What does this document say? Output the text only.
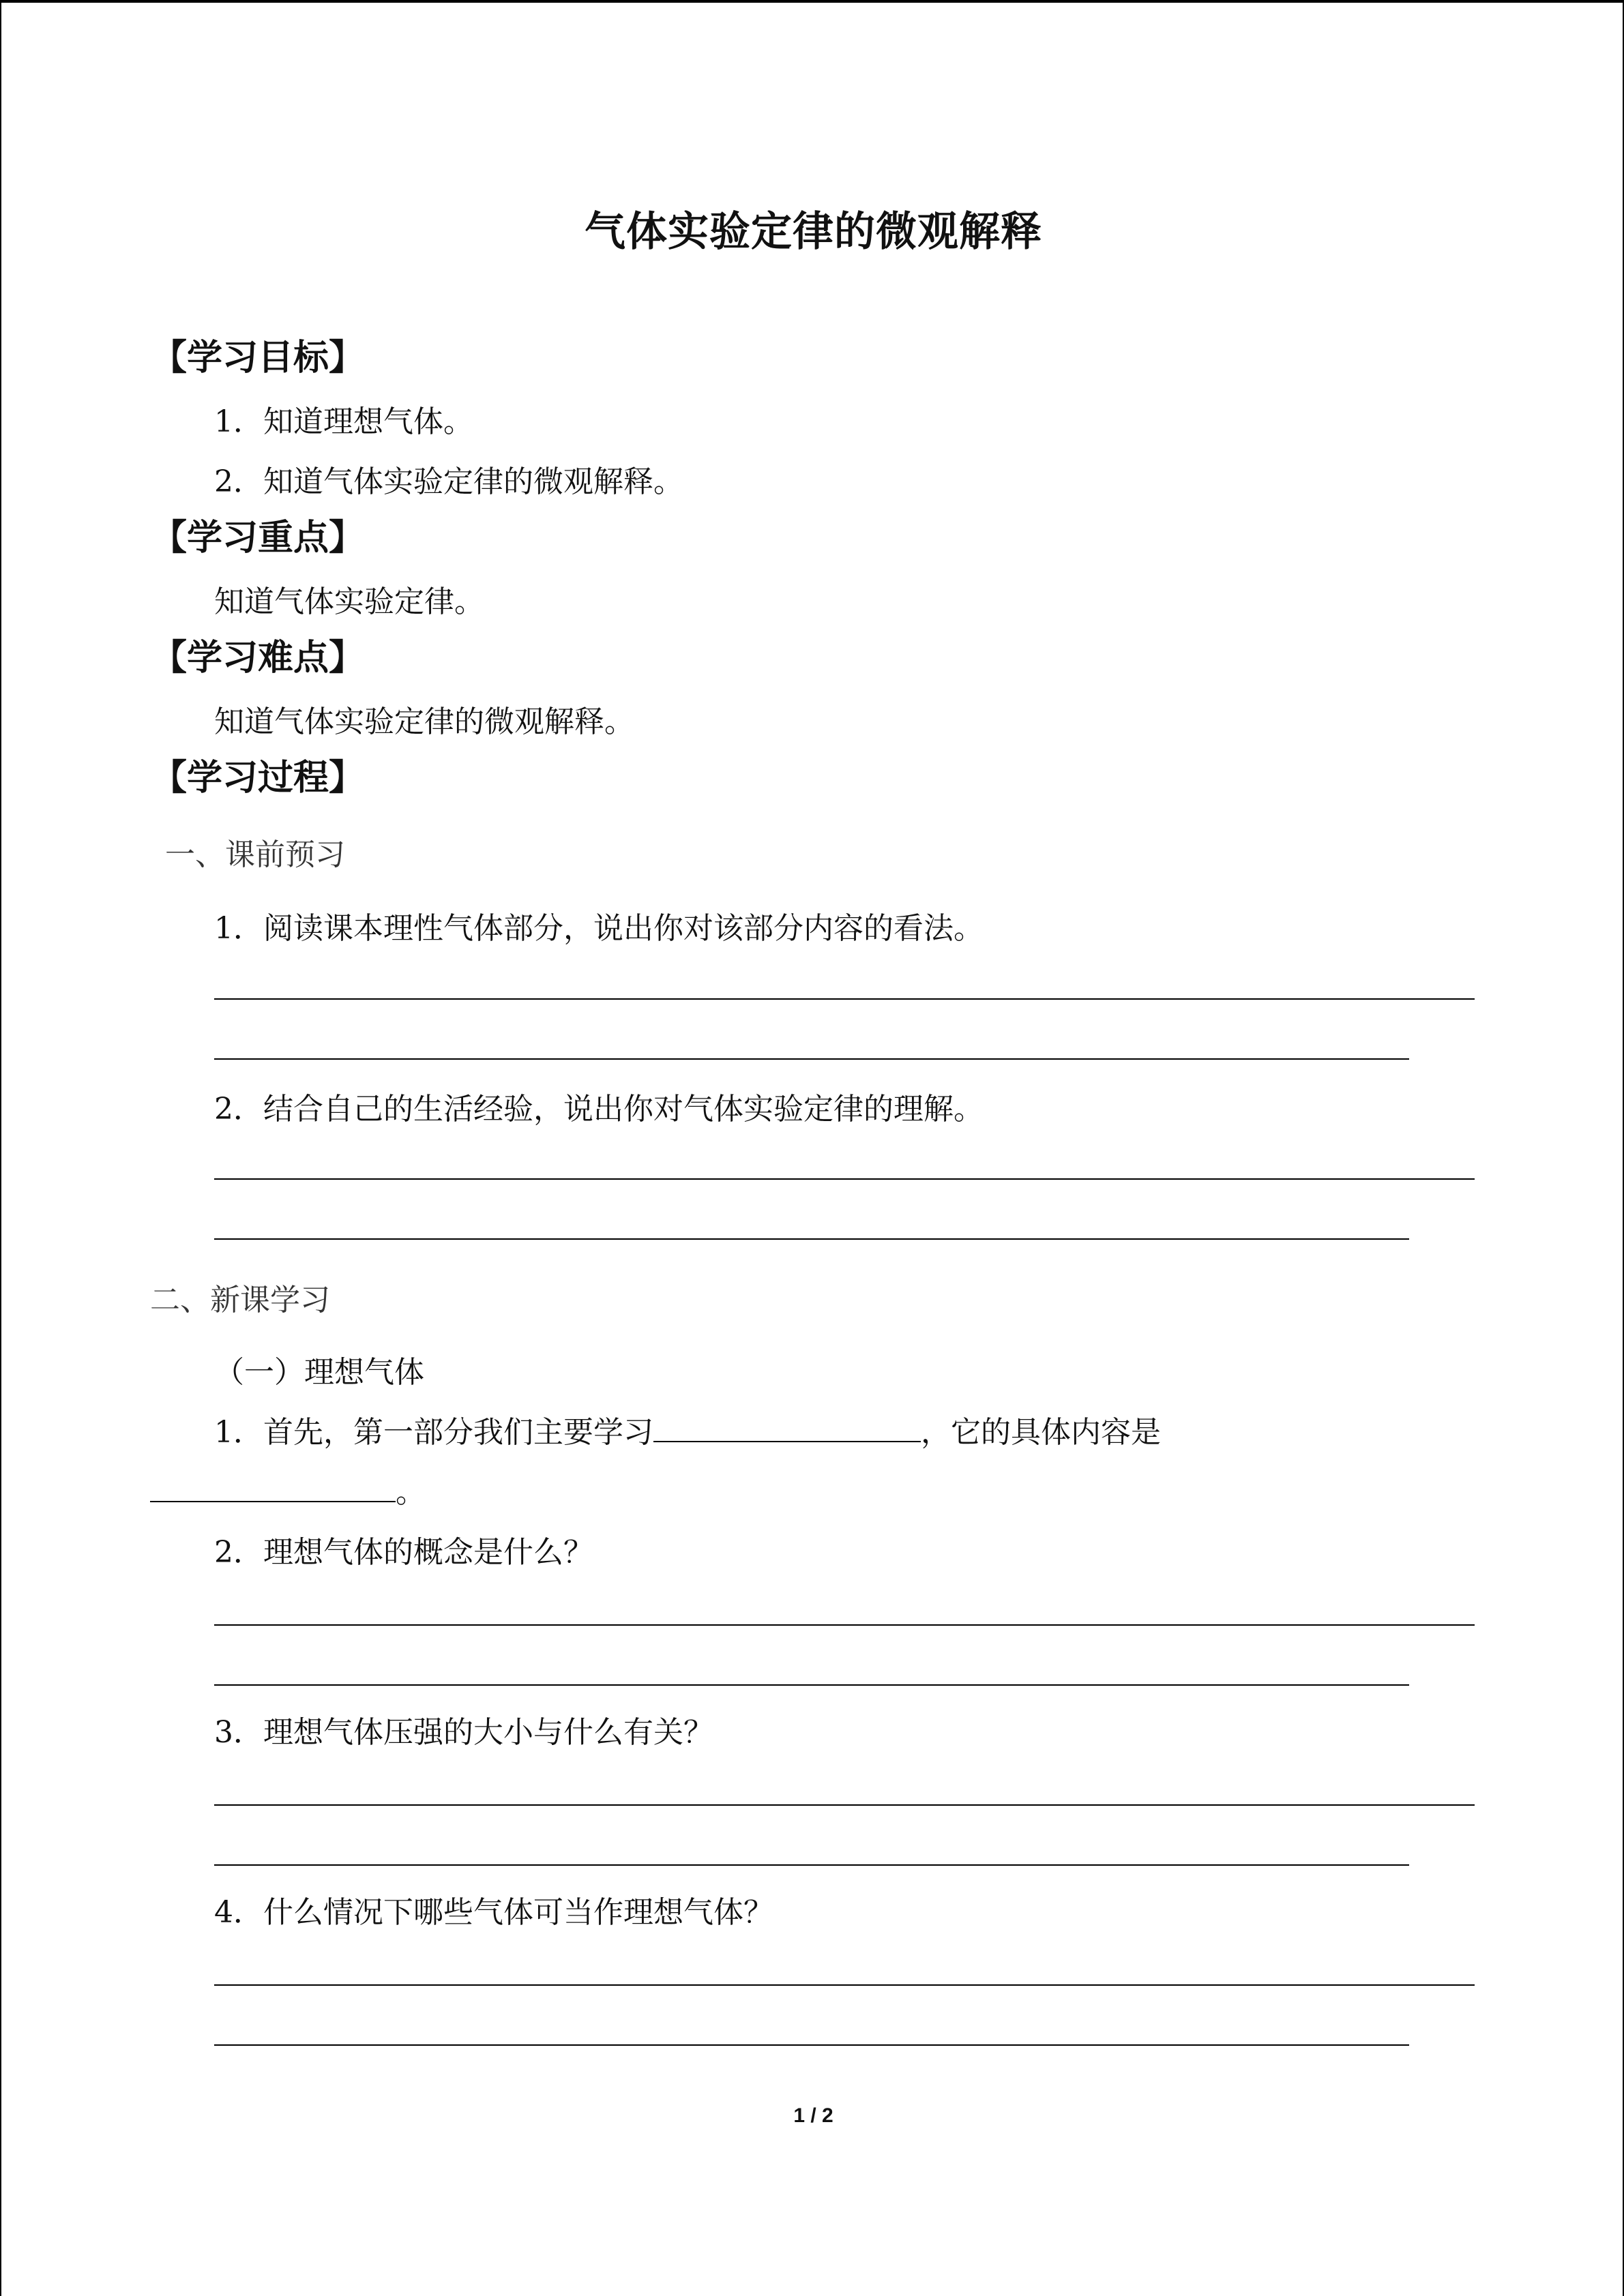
气体实验定律的微观解释
【学习目标】
1．知道理想气体。
2．知道气体实验定律的微观解释。
【学习重点】
知道气体实验定律。
【学习难点】
知道气体实验定律的微观解释。
【学习过程】
一、课前预习
1．阅读课本理性气体部分，说出你对该部分内容的看法。
2．结合自己的生活经验，说出你对气体实验定律的理解。
二、新课学习
（一）理想气体
1．首先，第一部分我们主要学习	，它的具体内容是
。
2．理想气体的概念是什么？
3．理想气体压强的大小与什么有关？
4．什么情况下哪些气体可当作理想气体？
1 / 2
